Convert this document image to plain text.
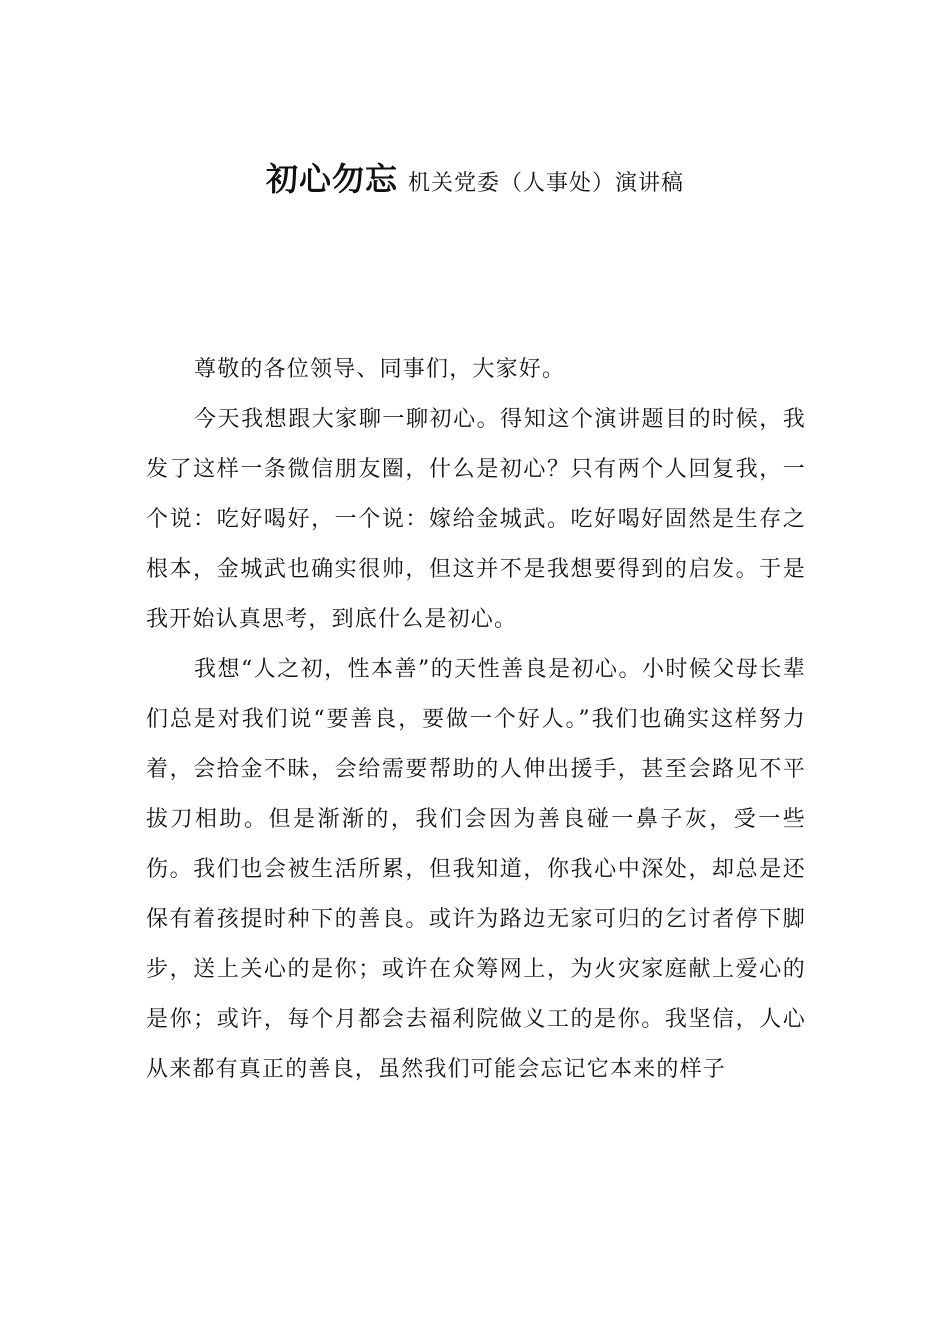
初心勿忘 机关党委（人事处）演讲稿

尊敬的各位领导、同事们，大家好。

今天我想跟大家聊一聊初心。得知这个演讲题目的时候，我发了这样一条微信朋友圈，什么是初心？只有两个人回复我，一个说：吃好喝好，一个说：嫁给金城武。吃好喝好固然是生存之根本，金城武也确实很帅，但这并不是我想要得到的启发。于是我开始认真思考，到底什么是初心。

我想“人之初，性本善”的天性善良是初心。小时候父母长辈们总是对我们说“要善良，要做一个好人。”我们也确实这样努力着，会拾金不昧，会给需要帮助的人伸出援手，甚至会路见不平拔刀相助。但是渐渐的，我们会因为善良碰一鼻子灰，受一些伤。我们也会被生活所累，但我知道，你我心中深处，却总是还保有着孩提时种下的善良。或许为路边无家可归的乞讨者停下脚步，送上关心的是你；或许在众筹网上，为火灾家庭献上爱心的是你；或许，每个月都会去福利院做义工的是你。我坚信，人心从来都有真正的善良，虽然我们可能会忘记它本来的样子
